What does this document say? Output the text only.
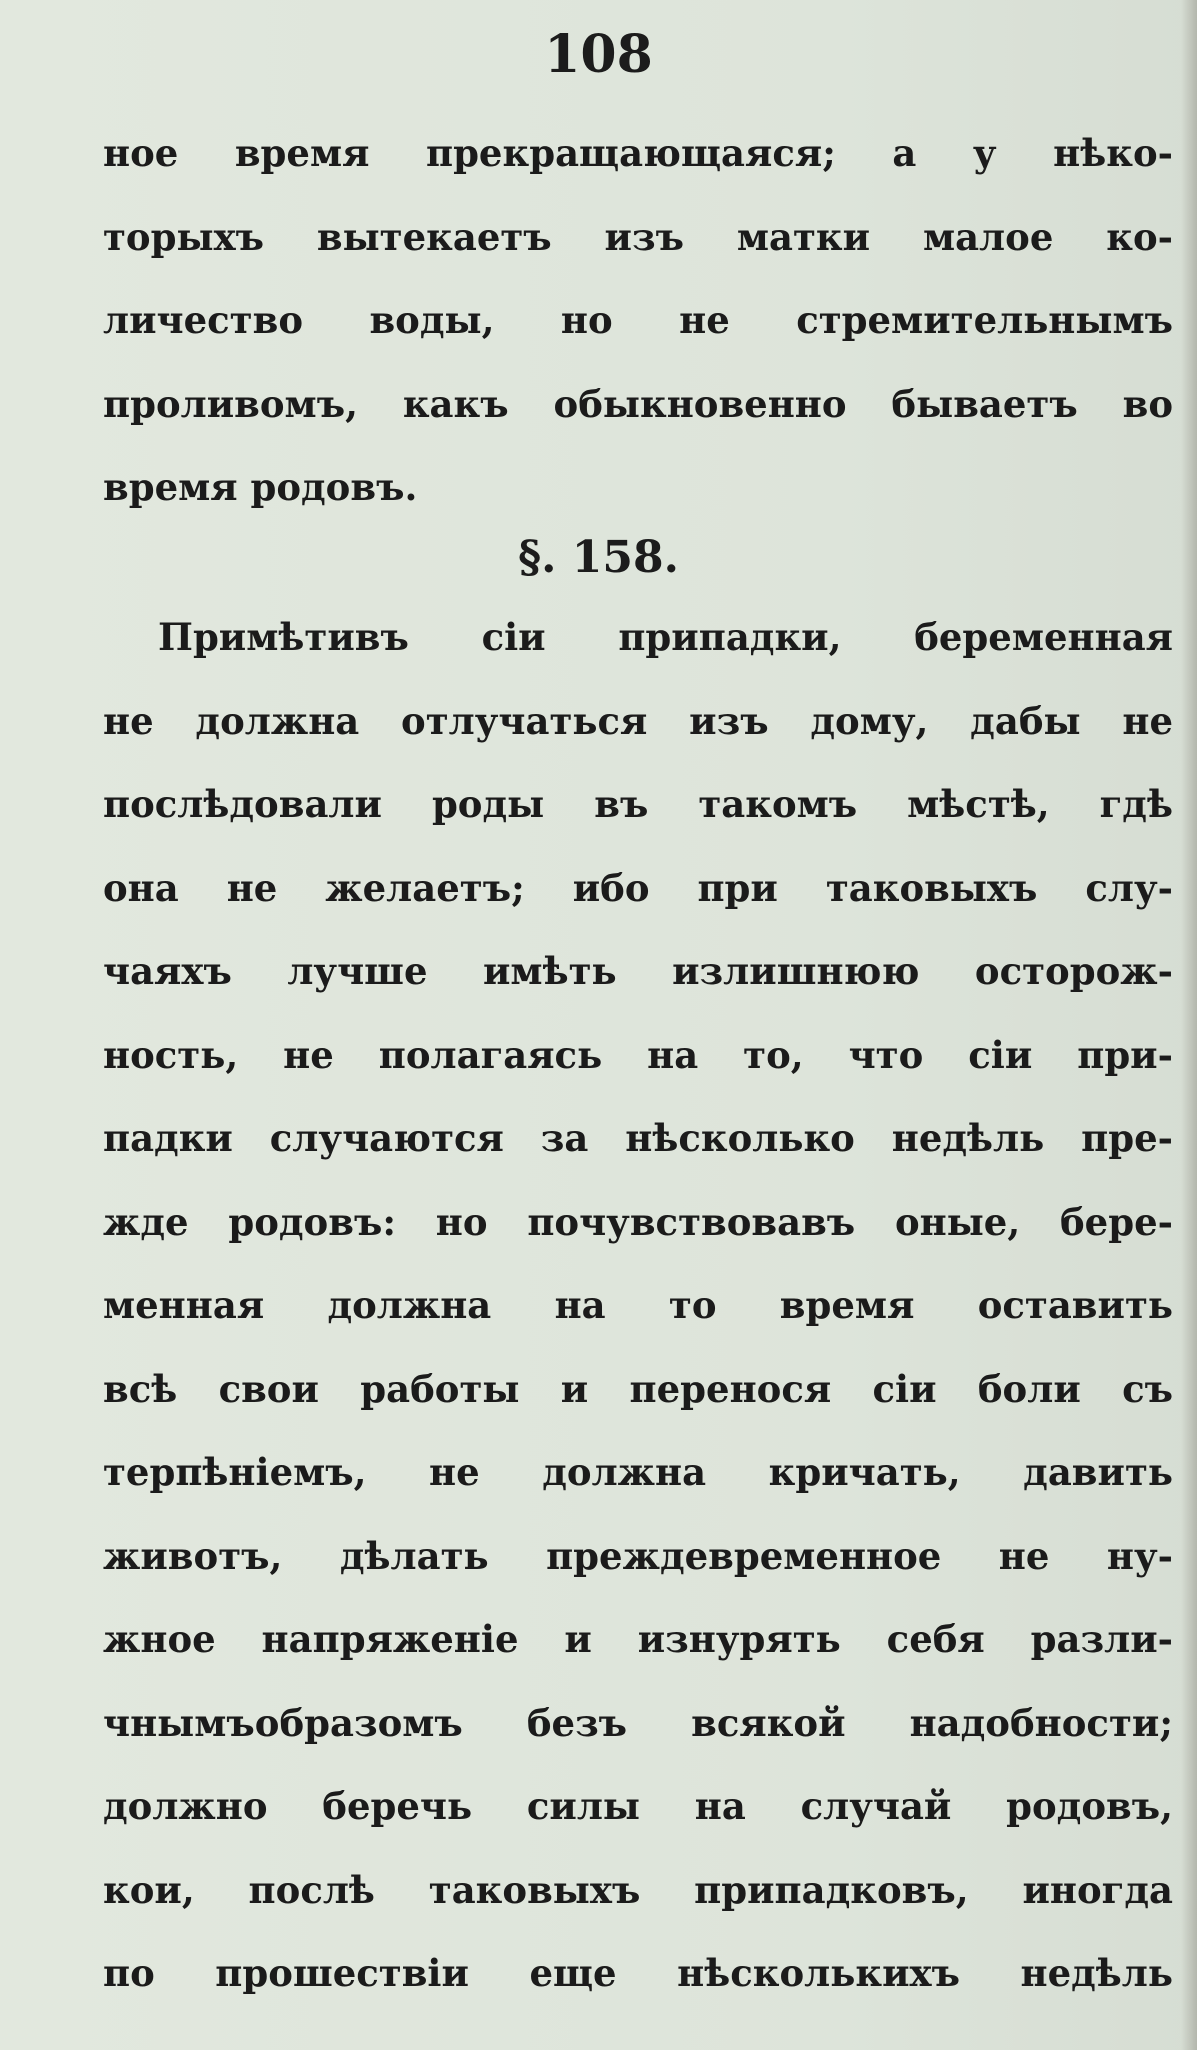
108
ное время прекращающаяся; а у нѣко-
торыхъ вытекаетъ изъ матки малое ко-
личество воды, но не стремительнымъ
проливомъ, какъ обыкновенно бываетъ во
время родовъ.
§. 158.
Примѣтивъ сіи припадки, беременная
не должна отлучаться изъ дому, дабы не
послѣдовали роды въ такомъ мѣстѣ, гдѣ
она не желаетъ; ибо при таковыхъ слу-
чаяхъ лучше имѣть излишнюю осторож-
ность, не полагаясь на то, что сіи при-
падки случаются за нѣсколько недѣль пре-
жде родовъ: но почувствовавъ оные, бере-
менная должна на то время оставить
всѣ свои работы и перенося сіи боли съ
терпѣніемъ, не должна кричать, давить
животъ, дѣлать преждевременное не ну-
жное напряженіе и изнурять себя разли-
чнымъобразомъ безъ всякой надобности;
должно беречь силы на случай родовъ,
кои, послѣ таковыхъ припадковъ, иногда
по прошествіи еще нѣсколькихъ недѣль
